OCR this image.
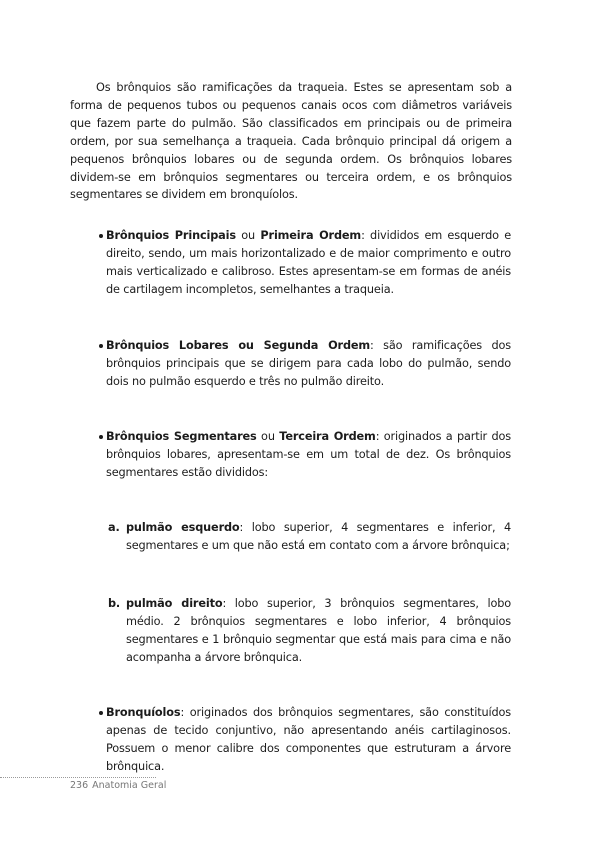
Os brônquios são ramificações da traqueia. Estes se apresentam sob a forma de pequenos tubos ou pequenos canais ocos com diâmetros variáveis que fazem parte do pulmão. São classificados em principais ou de primeira ordem, por sua semelhança a traqueia. Cada brônquio principal dá origem a pequenos brônquios lobares ou de segunda ordem. Os brônquios lobares dividem-se em brônquios segmentares ou terceira ordem, e os brônquios segmentares se dividem em bronquíolos.

Brônquios Principais ou Primeira Ordem: divididos em esquerdo e direito, sendo, um mais horizontalizado e de maior comprimento e outro mais verticalizado e calibroso. Estes apresentam-se em formas de anéis de cartilagem incompletos, semelhantes a traqueia.

Brônquios Lobares ou Segunda Ordem: são ramificações dos brônquios principais que se dirigem para cada lobo do pulmão, sendo dois no pulmão esquerdo e três no pulmão direito.

Brônquios Segmentares ou Terceira Ordem: originados a partir dos brônquios lobares, apresentam-se em um total de dez. Os brônquios segmentares estão divididos:

a. pulmão esquerdo: lobo superior, 4 segmentares e inferior, 4 segmentares e um que não está em contato com a árvore brônquica;

b. pulmão direito: lobo superior, 3 brônquios segmentares, lobo médio. 2 brônquios segmentares e lobo inferior, 4 brônquios segmentares e 1 brônquio segmentar que está mais para cima e não acompanha a árvore brônquica.

Bronquíolos: originados dos brônquios segmentares, são constituídos apenas de tecido conjuntivo, não apresentando anéis cartilaginosos. Possuem o menor calibre dos componentes que estruturam a árvore brônquica.

236 Anatomia Geral
